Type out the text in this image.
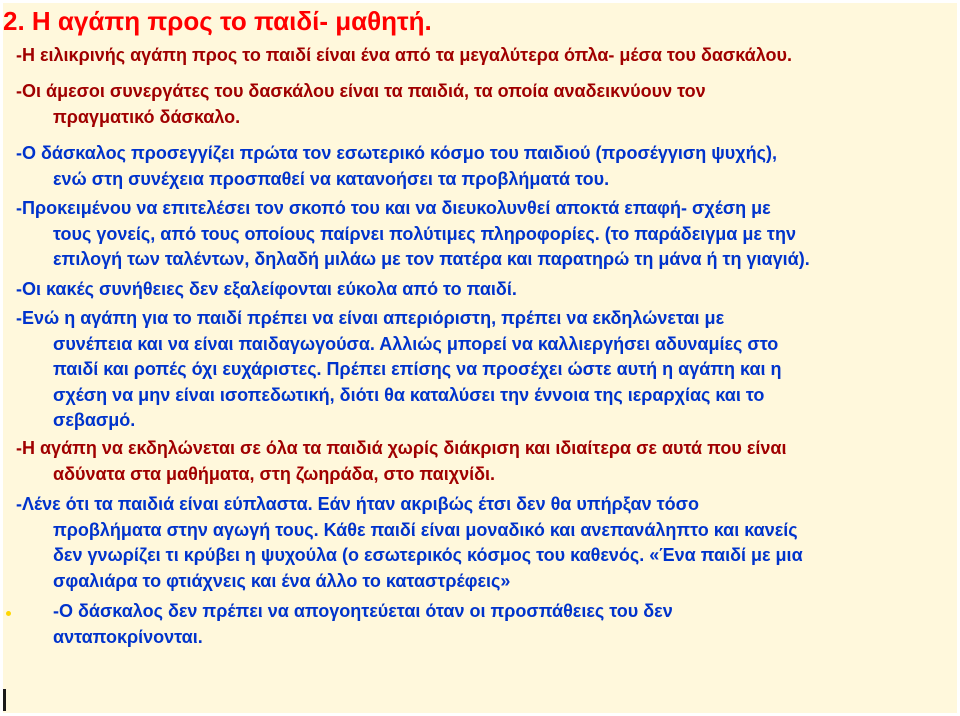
2. Η αγάπη προς το παιδί- μαθητή.
-Η ειλικρινής αγάπη προς το παιδί είναι ένα από τα μεγαλύτερα όπλα- μέσα του δασκάλου.
-Οι άμεσοι συνεργάτες του δασκάλου είναι τα παιδιά, τα οποία αναδεικνύουν τον
πραγματικό δάσκαλο.
-Ο δάσκαλος προσεγγίζει πρώτα τον εσωτερικό κόσμο του παιδιού (προσέγγιση ψυχής),
ενώ στη συνέχεια προσπαθεί να κατανοήσει τα προβλήματά του.
-Προκειμένου να επιτελέσει τον σκοπό του και να διευκολυνθεί αποκτά επαφή- σχέση με
τους γονείς, από τους οποίους παίρνει πολύτιμες πληροφορίες. (το παράδειγμα με την
επιλογή των ταλέντων, δηλαδή μιλάω με τον πατέρα και παρατηρώ τη μάνα ή τη γιαγιά).
-Οι κακές συνήθειες δεν εξαλείφονται εύκολα από το παιδί.
-Ενώ η αγάπη για το παιδί πρέπει να είναι απεριόριστη, πρέπει να εκδηλώνεται με
συνέπεια και να είναι παιδαγωγούσα. Αλλιώς μπορεί να καλλιεργήσει αδυναμίες στο
παιδί και ροπές όχι ευχάριστες. Πρέπει επίσης να προσέχει ώστε αυτή η αγάπη και η
σχέση να μην είναι ισοπεδωτική, διότι θα καταλύσει την έννοια της ιεραρχίας και το
σεβασμό.
-Η αγάπη να εκδηλώνεται σε όλα τα παιδιά χωρίς διάκριση και ιδιαίτερα σε αυτά που είναι
αδύνατα στα μαθήματα, στη ζωηράδα, στο παιχνίδι.
-Λένε ότι τα παιδιά είναι εύπλαστα. Εάν ήταν ακριβώς έτσι δεν θα υπήρξαν τόσο
προβλήματα στην αγωγή τους. Κάθε παιδί είναι μοναδικό και ανεπανάληπτο και κανείς
δεν γνωρίζει τι κρύβει η ψυχούλα (ο εσωτερικός κόσμος του καθενός. «Ένα παιδί με μια
σφαλιάρα το φτιάχνεις και ένα άλλο το καταστρέφεις»
-Ο δάσκαλος δεν πρέπει να απογοητεύεται όταν οι προσπάθειες του δεν
ανταποκρίνονται.
